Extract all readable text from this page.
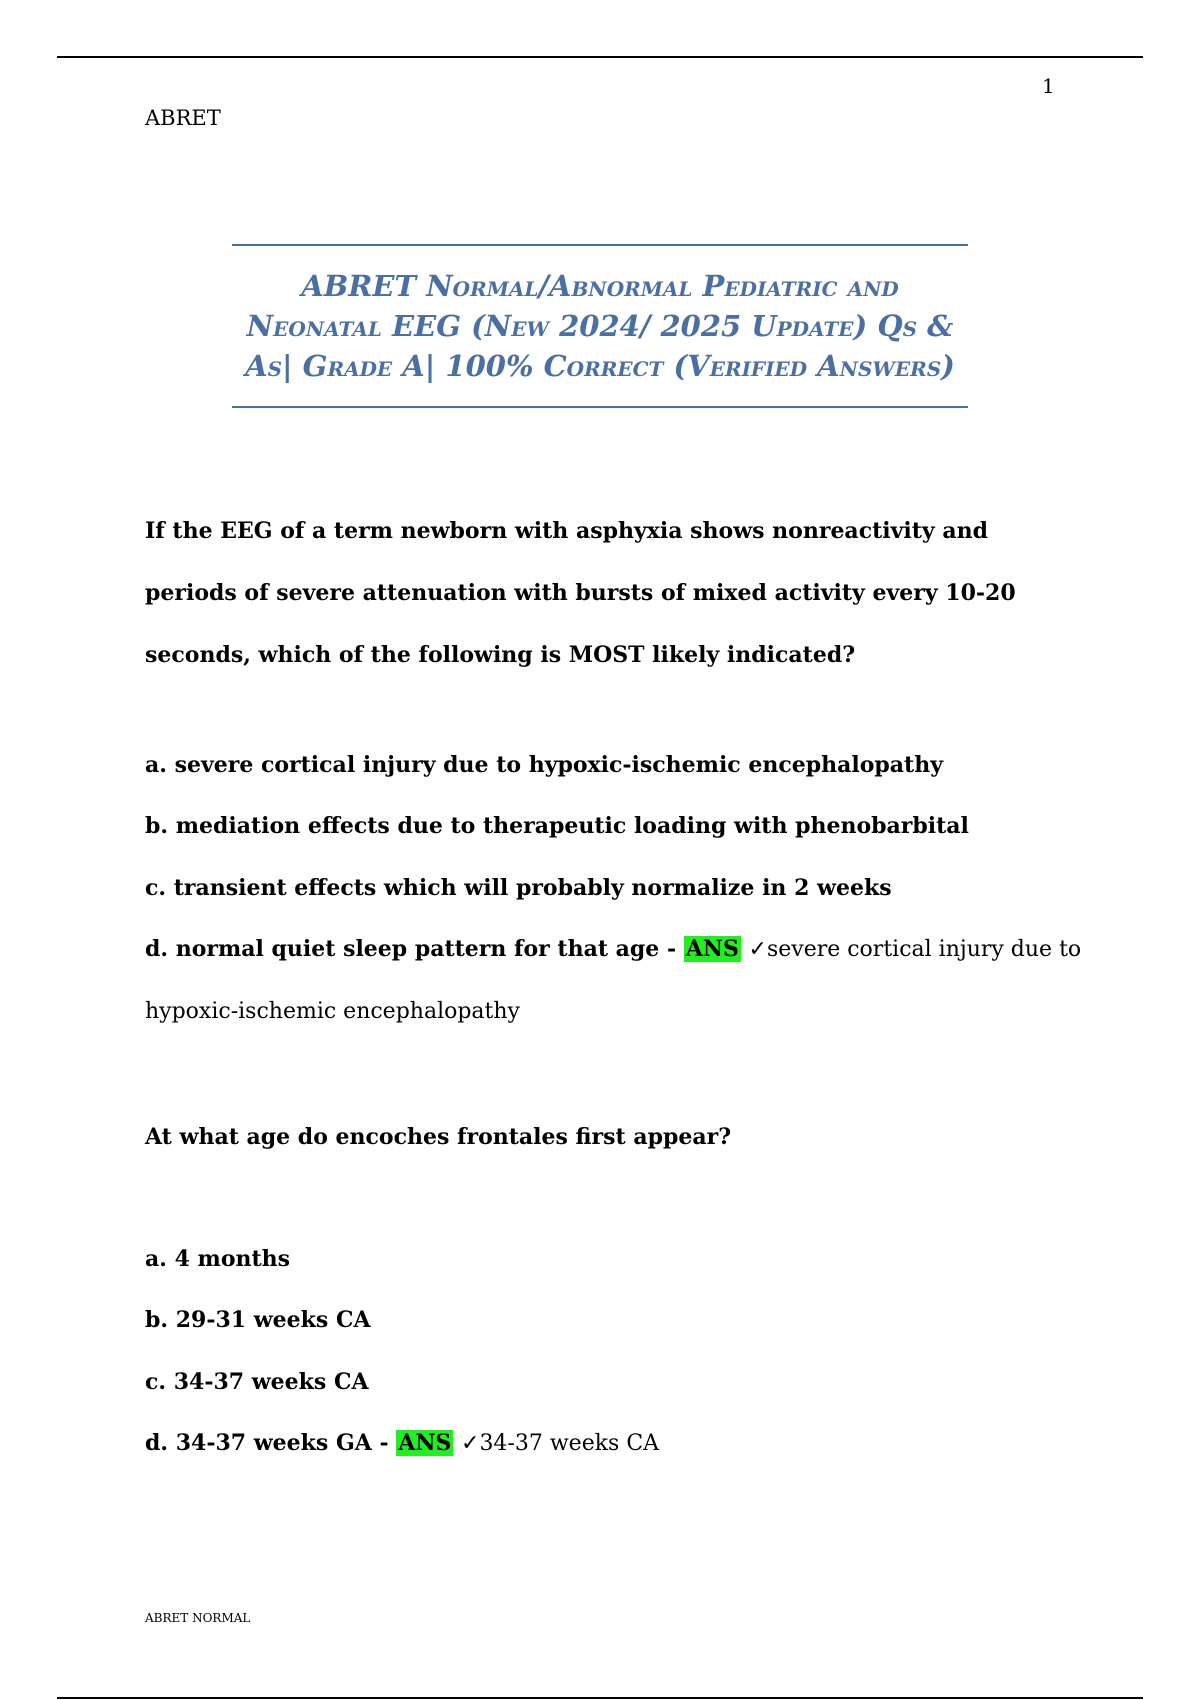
1
ABRET

ABRET Normal/Abnormal Pediatric and Neonatal EEG (New 2024/ 2025 Update) Qs & As| Grade A| 100% Correct (Verified Answers)

If the EEG of a term newborn with asphyxia shows nonreactivity and periods of severe attenuation with bursts of mixed activity every 10-20 seconds, which of the following is MOST likely indicated?
a. severe cortical injury due to hypoxic-ischemic encephalopathy
b. mediation effects due to therapeutic loading with phenobarbital
c. transient effects which will probably normalize in 2 weeks
d. normal quiet sleep pattern for that age - ANS ✓severe cortical injury due to
hypoxic-ischemic encephalopathy
At what age do encoches frontales first appear?
a. 4 months
b. 29-31 weeks CA
c. 34-37 weeks CA
d. 34-37 weeks GA - ANS ✓34-37 weeks CA
ABRET NORMAL
